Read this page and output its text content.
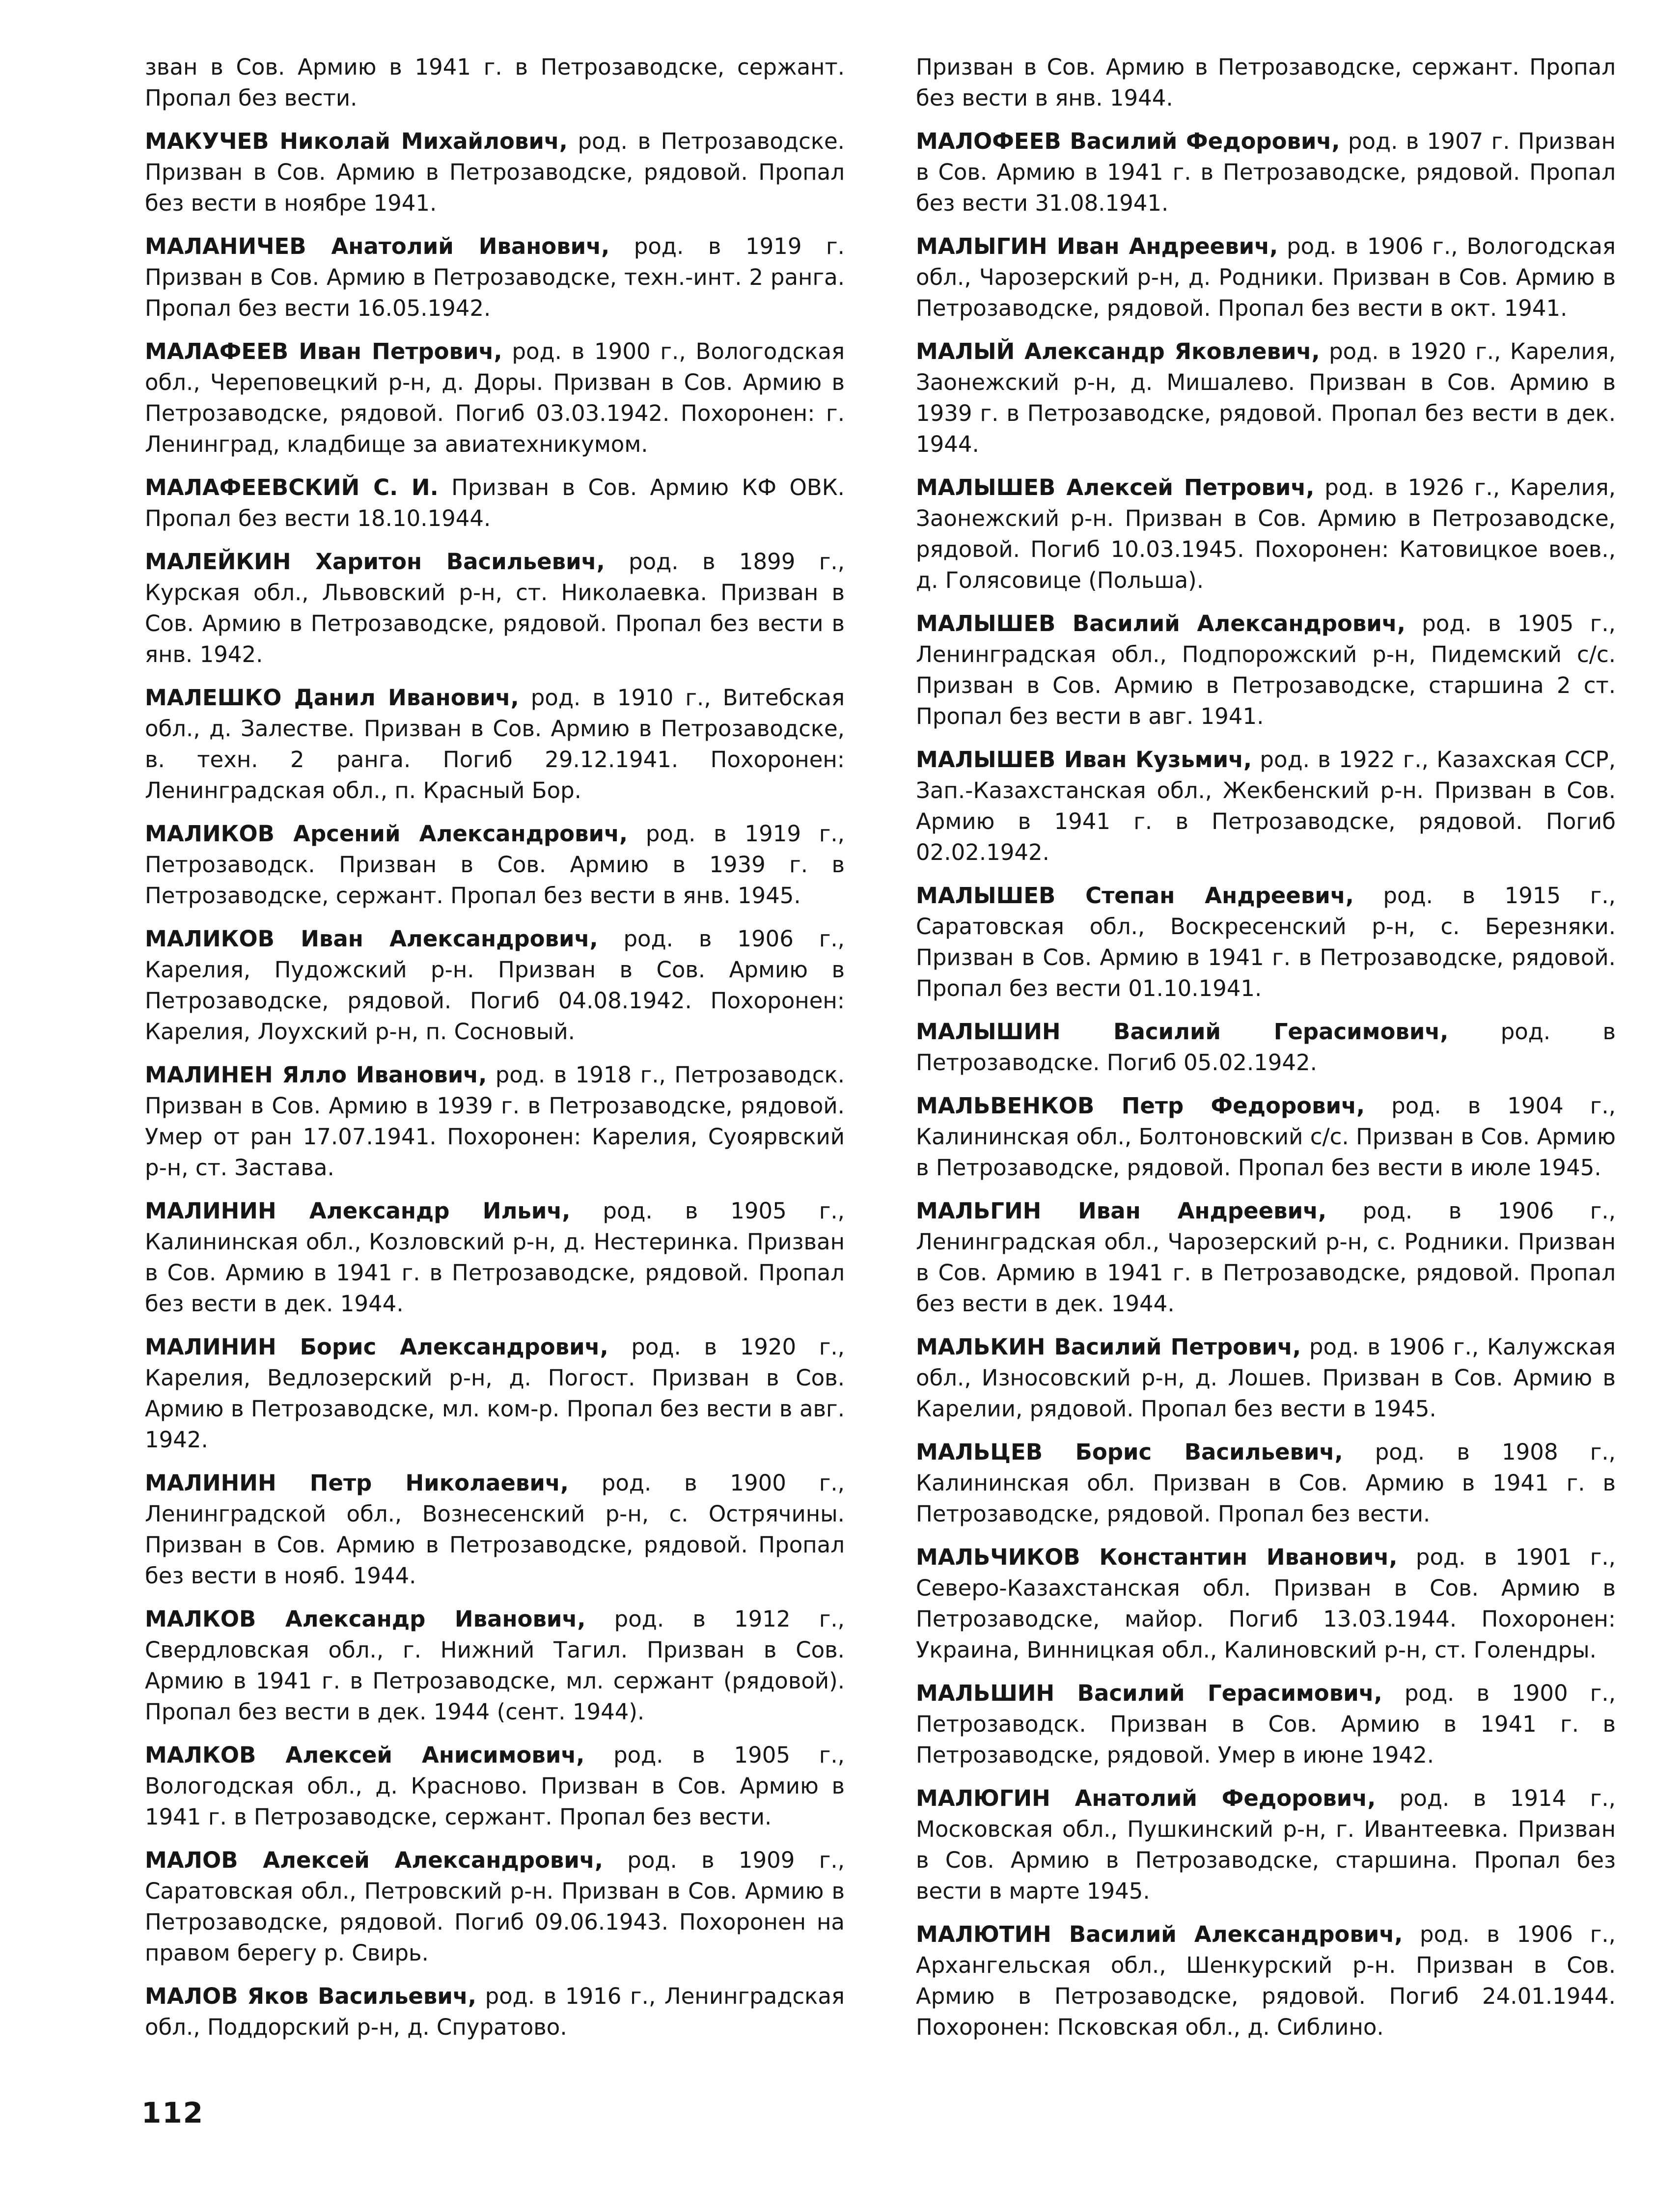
зван в Сов. Армию в 1941 г. в Петрозаводске, сержант. Пропал без вести.

МАКУЧЕВ Николай Михайлович, род. в Петрозаводске. Призван в Сов. Армию в Петрозаводске, рядовой. Пропал без вести в ноябре 1941.

МАЛАНИЧЕВ Анатолий Иванович, род. в 1919 г. Призван в Сов. Армию в Петрозаводске, техн.-инт. 2 ранга. Пропал без вести 16.05.1942.

МАЛАФЕЕВ Иван Петрович, род. в 1900 г., Вологодская обл., Череповецкий р-н, д. Доры. Призван в Сов. Армию в Петрозаводске, рядовой. Погиб 03.03.1942. Похоронен: г. Ленинград, кладбище за авиатехникумом.

МАЛАФЕЕВСКИЙ С. И. Призван в Сов. Армию КФ ОВК. Пропал без вести 18.10.1944.

МАЛЕЙКИН Харитон Васильевич, род. в 1899 г., Курская обл., Львовский р-н, ст. Николаевка. Призван в Сов. Армию в Петрозаводске, рядовой. Пропал без вести в янв. 1942.

МАЛЕШКО Данил Иванович, род. в 1910 г., Витебская обл., д. Залестве. Призван в Сов. Армию в Петрозаводске, в. техн. 2 ранга. Погиб 29.12.1941. Похоронен: Ленинградская обл., п. Красный Бор.

МАЛИКОВ Арсений Александрович, род. в 1919 г., Петрозаводск. Призван в Сов. Армию в 1939 г. в Петрозаводске, сержант. Пропал без вести в янв. 1945.

МАЛИКОВ Иван Александрович, род. в 1906 г., Карелия, Пудожский р-н. Призван в Сов. Армию в Петрозаводске, рядовой. Погиб 04.08.1942. Похоронен: Карелия, Лоухский р-н, п. Сосновый.

МАЛИНЕН Ялло Иванович, род. в 1918 г., Петрозаводск. Призван в Сов. Армию в 1939 г. в Петрозаводске, рядовой. Умер от ран 17.07.1941. Похоронен: Карелия, Суоярвский р-н, ст. Застава.

МАЛИНИН Александр Ильич, род. в 1905 г., Калининская обл., Козловский р-н, д. Нестеринка. Призван в Сов. Армию в 1941 г. в Петрозаводске, рядовой. Пропал без вести в дек. 1944.

МАЛИНИН Борис Александрович, род. в 1920 г., Карелия, Ведлозерский р-н, д. Погост. Призван в Сов. Армию в Петрозаводске, мл. ком-р. Пропал без вести в авг. 1942.

МАЛИНИН Петр Николаевич, род. в 1900 г., Ленинградской обл., Вознесенский р-н, с. Острячины. Призван в Сов. Армию в Петрозаводске, рядовой. Пропал без вести в нояб. 1944.

МАЛКОВ Александр Иванович, род. в 1912 г., Свердловская обл., г. Нижний Тагил. Призван в Сов. Армию в 1941 г. в Петрозаводске, мл. сержант (рядовой). Пропал без вести в дек. 1944 (сент. 1944).

МАЛКОВ Алексей Анисимович, род. в 1905 г., Вологодская обл., д. Красново. Призван в Сов. Армию в 1941 г. в Петрозаводске, сержант. Пропал без вести.

МАЛОВ Алексей Александрович, род. в 1909 г., Саратовская обл., Петровский р-н. Призван в Сов. Армию в Петрозаводске, рядовой. Погиб 09.06.1943. Похоронен на правом берегу р. Свирь.

МАЛОВ Яков Васильевич, род. в 1916 г., Ленинградская обл., Поддорский р-н, д. Спуратово.

Призван в Сов. Армию в Петрозаводске, сержант. Пропал без вести в янв. 1944.

МАЛОФЕЕВ Василий Федорович, род. в 1907 г. Призван в Сов. Армию в 1941 г. в Петрозаводске, рядовой. Пропал без вести 31.08.1941.

МАЛЫГИН Иван Андреевич, род. в 1906 г., Вологодская обл., Чарозерский р-н, д. Родники. Призван в Сов. Армию в Петрозаводске, рядовой. Пропал без вести в окт. 1941.

МАЛЫЙ Александр Яковлевич, род. в 1920 г., Карелия, Заонежский р-н, д. Мишалево. Призван в Сов. Армию в 1939 г. в Петрозаводске, рядовой. Пропал без вести в дек. 1944.

МАЛЫШЕВ Алексей Петрович, род. в 1926 г., Карелия, Заонежский р-н. Призван в Сов. Армию в Петрозаводске, рядовой. Погиб 10.03.1945. Похоронен: Катовицкое воев., д. Голясовице (Польша).

МАЛЫШЕВ Василий Александрович, род. в 1905 г., Ленинградская обл., Подпорожский р-н, Пидемский с/с. Призван в Сов. Армию в Петрозаводске, старшина 2 ст. Пропал без вести в авг. 1941.

МАЛЫШЕВ Иван Кузьмич, род. в 1922 г., Казахская ССР, Зап.-Казахстанская обл., Жекбенский р-н. Призван в Сов. Армию в 1941 г. в Петрозаводске, рядовой. Погиб 02.02.1942.

МАЛЫШЕВ Степан Андреевич, род. в 1915 г., Саратовская обл., Воскресенский р-н, с. Березняки. Призван в Сов. Армию в 1941 г. в Петрозаводске, рядовой. Пропал без вести 01.10.1941.

МАЛЫШИН Василий Герасимович, род. в Петрозаводске. Погиб 05.02.1942.

МАЛЬВЕНКОВ Петр Федорович, род. в 1904 г., Калининская обл., Болтоновский с/с. Призван в Сов. Армию в Петрозаводске, рядовой. Пропал без вести в июле 1945.

МАЛЬГИН Иван Андреевич, род. в 1906 г., Ленинградская обл., Чарозерский р-н, с. Родники. Призван в Сов. Армию в 1941 г. в Петрозаводске, рядовой. Пропал без вести в дек. 1944.

МАЛЬКИН Василий Петрович, род. в 1906 г., Калужская обл., Износовский р-н, д. Лошев. Призван в Сов. Армию в Карелии, рядовой. Пропал без вести в 1945.

МАЛЬЦЕВ Борис Васильевич, род. в 1908 г., Калининская обл. Призван в Сов. Армию в 1941 г. в Петрозаводске, рядовой. Пропал без вести.

МАЛЬЧИКОВ Константин Иванович, род. в 1901 г., Северо-Казахстанская обл. Призван в Сов. Армию в Петрозаводске, майор. Погиб 13.03.1944. Похоронен: Украина, Винницкая обл., Калиновский р-н, ст. Голендры.

МАЛЬШИН Василий Герасимович, род. в 1900 г., Петрозаводск. Призван в Сов. Армию в 1941 г. в Петрозаводске, рядовой. Умер в июне 1942.

МАЛЮГИН Анатолий Федорович, род. в 1914 г., Московская обл., Пушкинский р-н, г. Ивантеевка. Призван в Сов. Армию в Петрозаводске, старшина. Пропал без вести в марте 1945.

МАЛЮТИН Василий Александрович, род. в 1906 г., Архангельская обл., Шенкурский р-н. Призван в Сов. Армию в Петрозаводске, рядовой. Погиб 24.01.1944. Похоронен: Псковская обл., д. Сиблино.

112
